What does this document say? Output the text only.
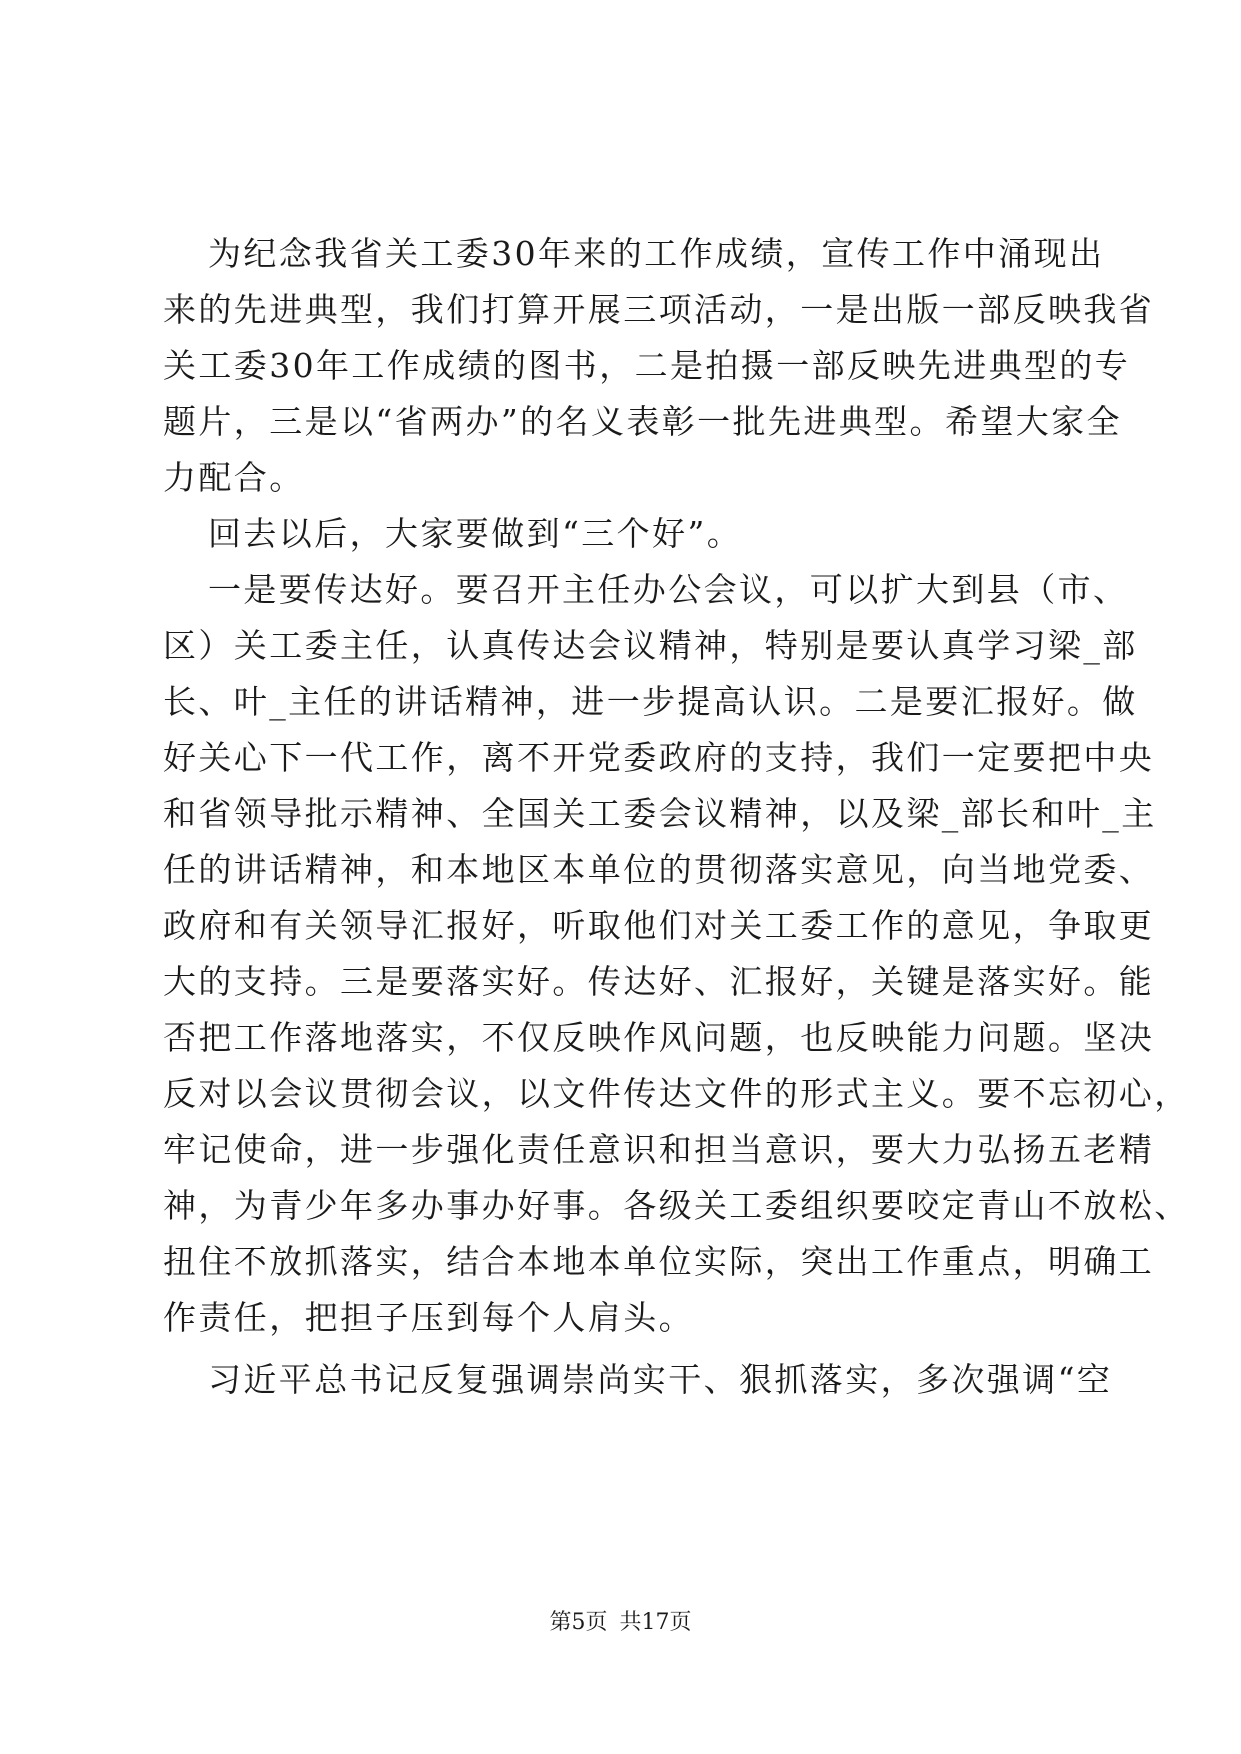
为纪念我省关工委30年来的工作成绩，宣传工作中涌现出
来的先进典型，我们打算开展三项活动，一是出版一部反映我省
关工委30年工作成绩的图书，二是拍摄一部反映先进典型的专
题片，三是以“省两办”的名义表彰一批先进典型。希望大家全
力配合。
回去以后，大家要做到“三个好”。
一是要传达好。要召开主任办公会议，可以扩大到县（市、
区）关工委主任，认真传达会议精神，特别是要认真学习梁_部
长、叶_主任的讲话精神，进一步提高认识。二是要汇报好。做
好关心下一代工作，离不开党委政府的支持，我们一定要把中央
和省领导批示精神、全国关工委会议精神，以及梁_部长和叶_主
任的讲话精神，和本地区本单位的贯彻落实意见，向当地党委、
政府和有关领导汇报好，听取他们对关工委工作的意见，争取更
大的支持。三是要落实好。传达好、汇报好，关键是落实好。能
否把工作落地落实，不仅反映作风问题，也反映能力问题。坚决
反对以会议贯彻会议，以文件传达文件的形式主义。要不忘初心，
牢记使命，进一步强化责任意识和担当意识，要大力弘扬五老精
神，为青少年多办事办好事。各级关工委组织要咬定青山不放松、
扭住不放抓落实，结合本地本单位实际，突出工作重点，明确工
作责任，把担子压到每个人肩头。
习近平总书记反复强调崇尚实干、狠抓落实，多次强调“空
第5页 共17页
